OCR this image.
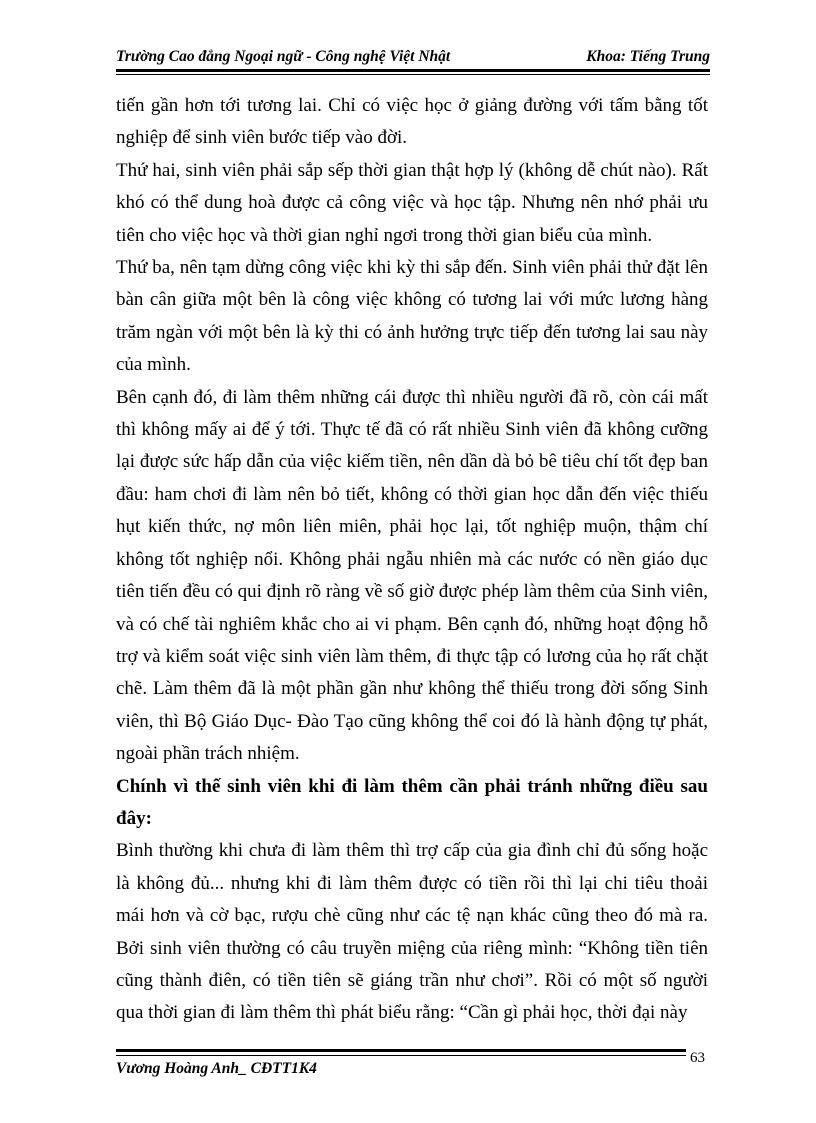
Trường Cao đẳng Ngoại ngữ - Công nghệ Việt Nhật	Khoa: Tiếng Trung

tiến gần hơn tới tương lai. Chỉ có việc học ở giảng đường với tấm bằng tốt nghiệp để sinh viên bước tiếp vào đời.

Thứ hai, sinh viên phải sắp sếp thời gian thật hợp lý (không dễ chút nào). Rất khó có thể dung hoà được cả công việc và học tập. Nhưng nên nhớ phải ưu tiên cho việc học và thời gian nghỉ ngơi trong thời gian biểu của mình.

Thứ ba, nên tạm dừng công việc khi kỳ thi sắp đến. Sinh viên phải thử đặt lên bàn cân giữa một bên là công việc không có tương lai với mức lương hàng trăm ngàn với một bên là kỳ thi có ảnh hưởng trực tiếp đến tương lai sau này của mình.

Bên cạnh đó, đi làm thêm những cái được thì nhiều người đã rõ, còn cái mất thì không mấy ai để ý tới. Thực tế đã có rất nhiều Sinh viên đã không cưỡng lại được sức hấp dẫn của việc kiếm tiền, nên dần dà bỏ bê tiêu chí tốt đẹp ban đầu: ham chơi đi làm nên bỏ tiết, không có thời gian học dẫn đến việc thiếu hụt kiến thức, nợ môn liên miên, phải học lại, tốt nghiệp muộn, thậm chí không tốt nghiệp nổi. Không phải ngẫu nhiên mà các nước có nền giáo dục tiên tiến đều có qui định rõ ràng về số giờ được phép làm thêm của Sinh viên, và có chế tài nghiêm khắc cho ai vi phạm. Bên cạnh đó, những hoạt động hỗ trợ và kiểm soát việc sinh viên làm thêm, đi thực tập có lương của họ rất chặt chẽ. Làm thêm đã là một phần gần như không thể thiếu trong đời sống Sinh viên, thì Bộ Giáo Dục- Đào Tạo cũng không thể coi đó là hành động tự phát, ngoài phần trách nhiệm.

Chính vì thế sinh viên khi đi làm thêm cần phải tránh những điều sau đây:

Bình thường khi chưa đi làm thêm thì trợ cấp của gia đình chỉ đủ sống hoặc là không đủ... nhưng khi đi làm thêm được có tiền rồi thì lại chi tiêu thoải mái hơn và cờ bạc, rượu chè cũng như các tệ nạn khác cũng theo đó mà ra. Bởi sinh viên thường có câu truyền miệng của riêng mình: “Không tiền tiên cũng thành điên, có tiền tiên sẽ giáng trần như chơi”. Rồi có một số người qua thời gian đi làm thêm thì phát biểu rằng: “Cần gì phải học, thời đại này

Vương Hoàng Anh_ CĐTT1K4
63
